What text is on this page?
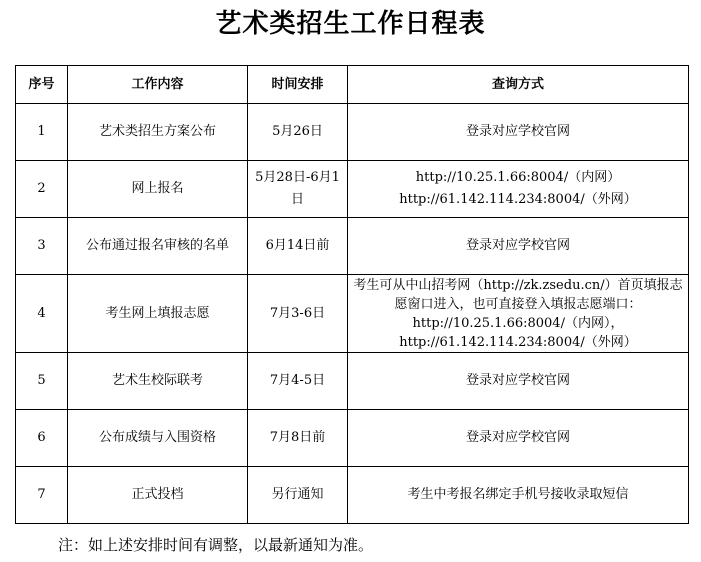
艺术类招生工作日程表
序号	工作内容	时间安排	查询方式
1	艺术类招生方案公布	5月26日	登录对应学校官网
2	网上报名	5月28日-6月1日	http://10.25.1.66:8004/（内网）
http://61.142.114.234:8004/（外网）

3	公布通过报名审核的名单	6月14日前	登录对应学校官网
4	考生网上填报志愿	7月3-6日	考生可从中山招考网（http://zk.zsedu.cn/）首页填报志愿窗口进入，也可直接登入填报志愿端口：
http://10.25.1.66:8004/（内网），
http://61.142.114.234:8004/（外网）

5	艺术生校际联考	7月4-5日	登录对应学校官网
6	公布成绩与入围资格	7月8日前	登录对应学校官网
7	正式投档	另行通知	考生中考报名绑定手机号接收录取短信
注：如上述安排时间有调整，以最新通知为准。
